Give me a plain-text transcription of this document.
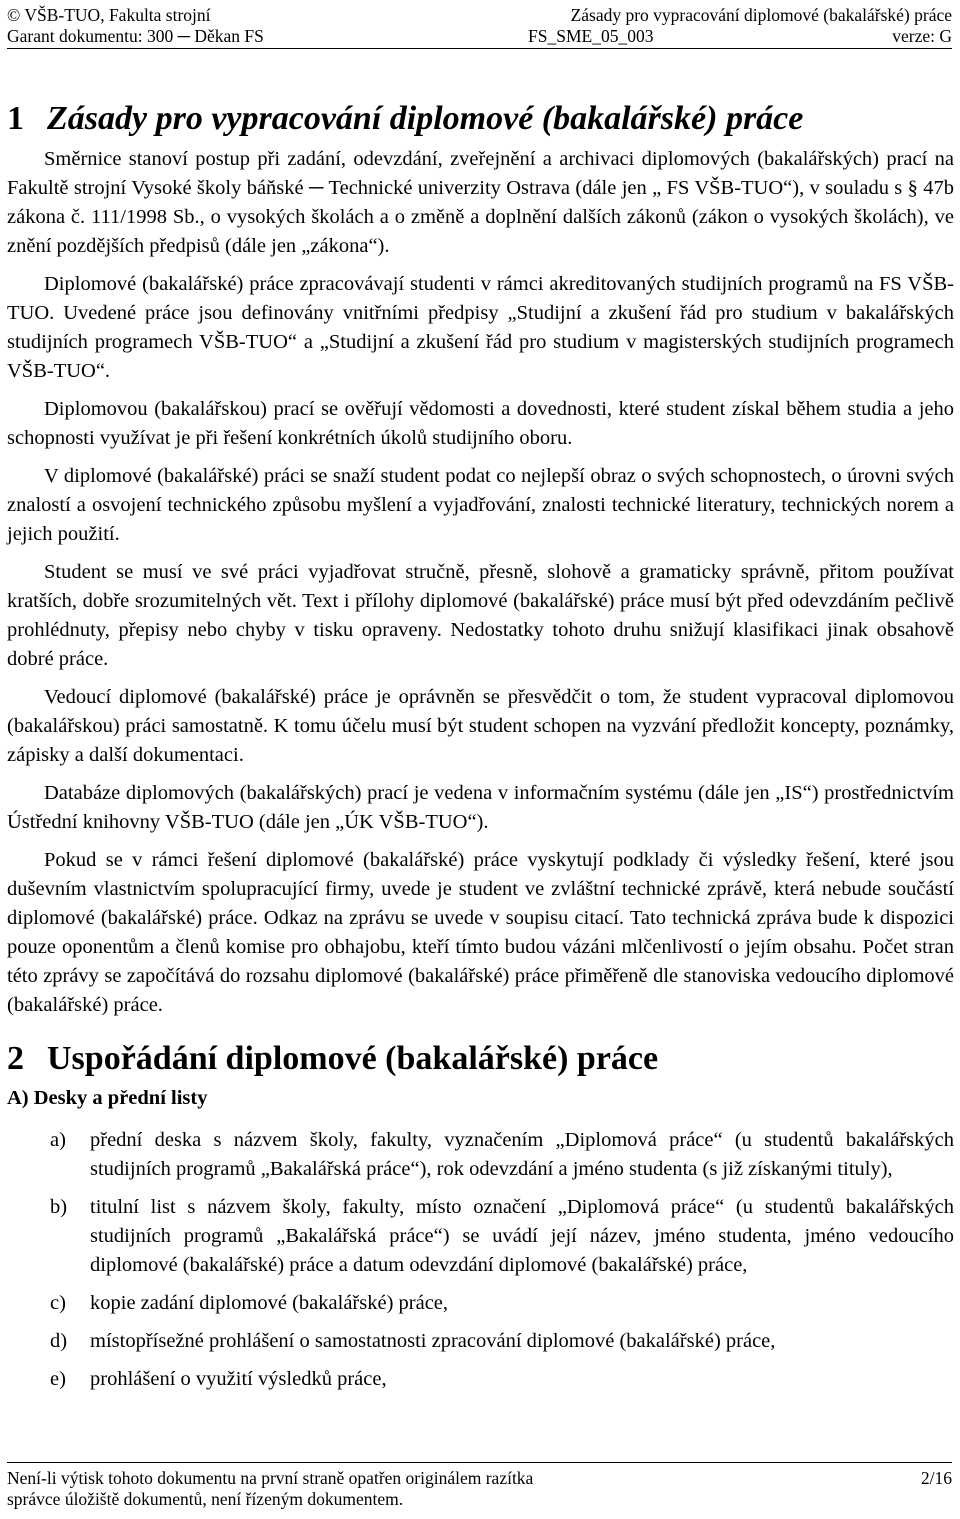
© VŠB-TUO, Fakulta strojní	Zásady pro vypracování diplomové (bakalářské) práce
Garant dokumentu: 300 ─ Děkan FS	FS_SME_05_003	verze: G
1 Zásady pro vypracování diplomové (bakalářské) práce

Směrnice stanoví postup při zadání, odevzdání, zveřejnění a archivaci diplomových (bakalářských) prací na Fakultě strojní Vysoké školy báňské ─ Technické univerzity Ostrava (dále jen „ FS VŠB-TUO“), v souladu s § 47b zákona č. 111/1998 Sb., o vysokých školách a o změně a doplnění dalších zákonů (zákon o vysokých školách), ve znění pozdějších předpisů (dále jen „zákona“).

Diplomové (bakalářské) práce zpracovávají studenti v rámci akreditovaných studijních programů na FS VŠB-TUO. Uvedené práce jsou definovány vnitřními předpisy „Studijní a zkušení řád pro studium v bakalářských studijních programech VŠB-TUO“ a „Studijní a zkušení řád pro studium v magisterských studijních programech VŠB-TUO“.

Diplomovou (bakalářskou) prací se ověřují vědomosti a dovednosti, které student získal během studia a jeho schopnosti využívat je při řešení konkrétních úkolů studijního oboru.

V diplomové (bakalářské) práci se snaží student podat co nejlepší obraz o svých schopnostech, o úrovni svých znalostí a osvojení technického způsobu myšlení a vyjadřování, znalosti technické literatury, technických norem a jejich použití.

Student se musí ve své práci vyjadřovat stručně, přesně, slohově a gramaticky správně, přitom používat kratších, dobře srozumitelných vět. Text i přílohy diplomové (bakalářské) práce musí být před odevzdáním pečlivě prohlédnuty, přepisy nebo chyby v tisku opraveny. Nedostatky tohoto druhu snižují klasifikaci jinak obsahově dobré práce.

Vedoucí diplomové (bakalářské) práce je oprávněn se přesvědčit o tom, že student vypracoval diplomovou (bakalářskou) práci samostatně. K tomu účelu musí být student schopen na vyzvání předložit koncepty, poznámky, zápisky a další dokumentaci.

Databáze diplomových (bakalářských) prací je vedena v informačním systému (dále jen „IS“) prostřednictvím Ústřední knihovny VŠB-TUO (dále jen „ÚK VŠB-TUO“).

Pokud se v rámci řešení diplomové (bakalářské) práce vyskytují podklady či výsledky řešení, které jsou duševním vlastnictvím spolupracující firmy, uvede je student ve zvláštní technické zprávě, která nebude součástí diplomové (bakalářské) práce. Odkaz na zprávu se uvede v soupisu citací. Tato technická zpráva bude k dispozici pouze oponentům a členů komise pro obhajobu, kteří tímto budou vázáni mlčenlivostí o jejím obsahu. Počet stran této zprávy se započítává do rozsahu diplomové (bakalářské) práce přiměřeně dle stanoviska vedoucího diplomové (bakalářské) práce.

2 Uspořádání diplomové (bakalářské) práce
A) Desky a přední listy
a)	přední deska s názvem školy, fakulty, vyznačením „Diplomová práce“ (u studentů bakalářských studijních programů „Bakalářská práce“), rok odevzdání a jméno studenta (s již získanými tituly),
b)	titulní list s názvem školy, fakulty, místo označení „Diplomová práce“ (u studentů bakalářských studijních programů „Bakalářská práce“) se uvádí její název, jméno studenta, jméno vedoucího diplomové (bakalářské) práce a datum odevzdání diplomové (bakalářské) práce,
c)	kopie zadání diplomové (bakalářské) práce,
d)	místopřísežné prohlášení o samostatnosti zpracování diplomové (bakalářské) práce,
e)	prohlášení o využití výsledků práce,
Není-li výtisk tohoto dokumentu na první straně opatřen originálem razítka	2/16
správce úložiště dokumentů, není řízeným dokumentem.
